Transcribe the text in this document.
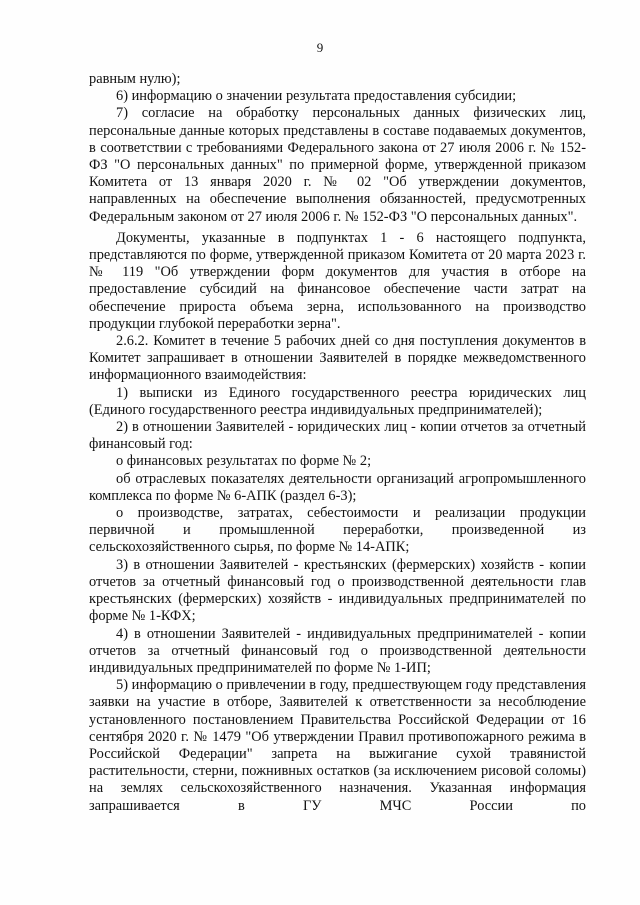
9

равным нулю);

6) информацию о значении результата предоставления субсидии;

7) согласие на обработку персональных данных физических лиц, персональные данные которых представлены в составе подаваемых документов, в соответствии с требованиями Федерального закона от 27 июля 2006 г. № 152-ФЗ "О персональных данных" по примерной форме, утвержденной приказом Комитета от 13 января 2020 г. № 02 "Об утверждении документов, направленных на обеспечение выполнения обязанностей, предусмотренных Федеральным законом от 27 июля 2006 г. № 152-ФЗ "О персональных данных".

Документы, указанные в подпунктах 1 - 6 настоящего подпункта, представляются по форме, утвержденной приказом Комитета от 20 марта 2023 г. № 119 "Об утверждении форм документов для участия в отборе на предоставление субсидий на финансовое обеспечение части затрат на обеспечение прироста объема зерна, использованного на производство продукции глубокой переработки зерна".

2.6.2. Комитет в течение 5 рабочих дней со дня поступления документов в Комитет запрашивает в отношении Заявителей в порядке межведомственного информационного взаимодействия:

1) выписки из Единого государственного реестра юридических лиц (Единого государственного реестра индивидуальных предпринимателей);

2) в отношении Заявителей - юридических лиц - копии отчетов за отчетный финансовый год:

о финансовых результатах по форме № 2;

об отраслевых показателях деятельности организаций агропромышленного комплекса по форме № 6-АПК (раздел 6-3);

о производстве, затратах, себестоимости и реализации продукции первичной и промышленной переработки, произведенной из сельскохозяйственного сырья, по форме № 14-АПК;

3) в отношении Заявителей - крестьянских (фермерских) хозяйств - копии отчетов за отчетный финансовый год о производственной деятельности глав крестьянских (фермерских) хозяйств - индивидуальных предпринимателей по форме № 1-КФХ;

4) в отношении Заявителей - индивидуальных предпринимателей - копии отчетов за отчетный финансовый год о производственной деятельности индивидуальных предпринимателей по форме № 1-ИП;

5) информацию о привлечении в году, предшествующем году представления заявки на участие в отборе, Заявителей к ответственности за несоблюдение установленного постановлением Правительства Российской Федерации от 16 сентября 2020 г. № 1479 "Об утверждении Правил противопожарного режима в Российской Федерации" запрета на выжигание сухой травянистой растительности, стерни, пожнивных остатков (за исключением рисовой соломы) на землях сельскохозяйственного назначения. Указанная информация запрашивается в ГУ МЧС России по
